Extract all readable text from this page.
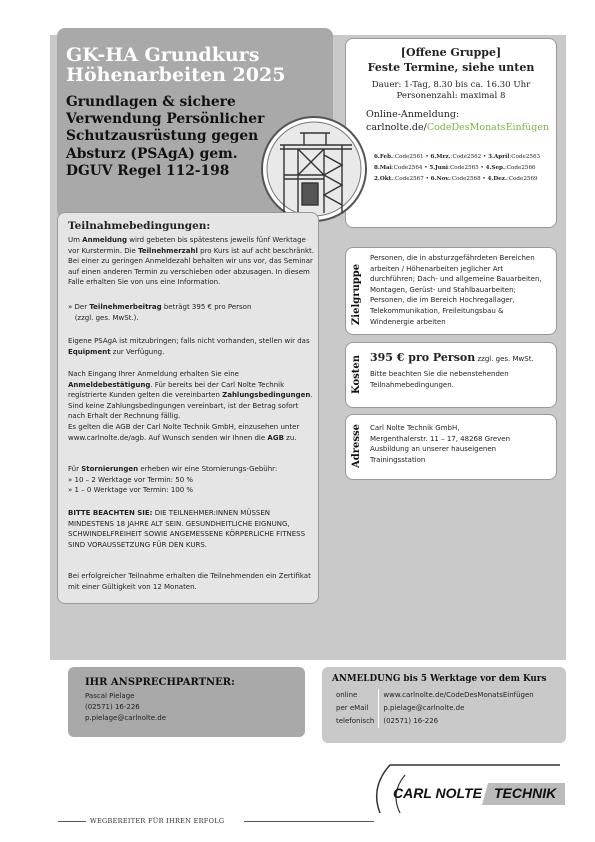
GK-HA Grundkurs
Höhenarbeiten 2025
Grundlagen & sichere
Verwendung Persönlicher
Schutzausrüstung gegen
Absturz (PSAgA) gem.
DGUV Regel 112-198
[Offene Gruppe]
Feste Termine, siehe unten
Dauer: 1-Tag, 8.30 bis ca. 16.30 Uhr
Personenzahl: maximal 8
Online-Anmeldung:
carlnolte.de/CodeDesMonatsEinfügen
6.Feb.:Code2561 • 6.Mrz.:Code2562 • 3.April:Code2563
8.Mai:Code2564 • 5.Juni:Code2565 • 4.Sep.:Code2566
2.Okt.:Code2567 • 6.Nov.:Code2568 • 4.Dez.:Code2569
Teilnahmebedingungen:
Um Anmeldung wird gebeten bis spätestens jeweils fünf Werktage vor Kurstermin. Die Teilnehmerzahl pro Kurs ist auf acht beschränkt. Bei einer zu geringen Anmeldezahl behalten wir uns vor, das Seminar auf einen anderen Termin zu verschieben oder abzusagen. In diesem Falle erhalten Sie von uns eine Information.
» Der Teilnehmerbeitrag beträgt 395 € pro Person
(zzgl. ges. MwSt.).
Eigene PSAgA ist mitzubringen; falls nicht vorhanden, stellen wir das Equipment zur Verfügung.
Nach Eingang Ihrer Anmeldung erhalten Sie eine Anmeldebestätigung. Für bereits bei der Carl Nolte Technik registrierte Kunden gelten die vereinbarten Zahlungsbedingungen. Sind keine Zahlungsbedingungen vereinbart, ist der Betrag sofort nach Erhalt der Rechnung fällig.
Es gelten die AGB der Carl Nolte Technik GmbH, einzusehen unter www.carlnolte.de/agb. Auf Wunsch senden wir Ihnen die AGB zu.
Für Stornierungen erheben wir eine Stornierungs-Gebühr:
» 10 – 2 Werktage vor Termin: 50 %
» 1 – 0 Werktage vor Termin: 100 %
BITTE BEACHTEN SIE: DIE TEILNEHMER:INNEN MÜSSEN MINDESTENS 18 JAHRE ALT SEIN. GESUNDHEITLICHE EIGNUNG, SCHWINDELFREIHEIT SOWIE ANGEMESSENE KÖRPERLICHE FITNESS SIND VORAUSSETZUNG FÜR DEN KURS.
Bei erfolgreicher Teilnahme erhalten die Teilnehmenden ein Zertifikat mit einer Gültigkeit von 12 Monaten.
Zielgruppe
Personen, die in absturzgefährdeten Bereichen arbeiten / Höhenarbeiten jeglicher Art durchführen; Dach- und allgemeine Bauarbeiten, Montagen, Gerüst- und Stahlbauarbeiten; Personen, die im Bereich Hochregallager, Telekommunikation, Freileitungsbau & Windenergie arbeiten
Kosten 395 € pro Person zzgl. ges. MwSt.
Bitte beachten Sie die nebenstehenden Teilnahmebedingungen.
Adresse Carl Nolte Technik GmbH,
Mergenthalerstr. 11 – 17, 48268 Greven
Ausbildung an unserer hauseigenen
Trainingsstation
IHR ANSPRECHPARTNER:
Pascal Pielage
(02571) 16-226
p.pielage@carlnolte.de
ANMELDUNG bis 5 Werktage vor dem Kurs
online	www.carlnolte.de/CodeDesMonatsEinfügen
per eMail	p.pielage@carlnolte.de
telefonisch	(02571) 16-226
CARL NOLTE TECHNIK
WEGBEREITER FÜR IHREN ERFOLG
